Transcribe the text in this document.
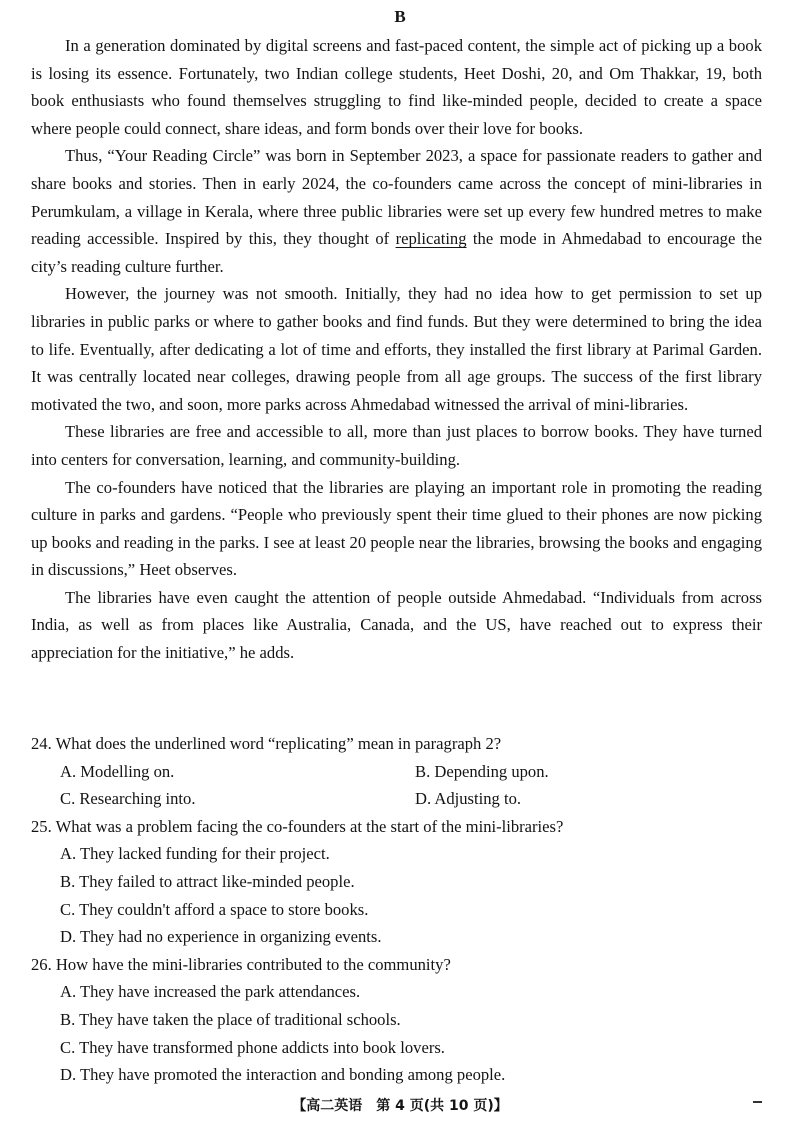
B

In a generation dominated by digital screens and fast-paced content, the simple act of picking up a book is losing its essence. Fortunately, two Indian college students, Heet Doshi, 20, and Om Thakkar, 19, both book enthusiasts who found themselves struggling to find like-minded people, decided to create a space where people could connect, share ideas, and form bonds over their love for books.

Thus, “Your Reading Circle” was born in September 2023, a space for passionate readers to gather and share books and stories. Then in early 2024, the co-founders came across the concept of mini-libraries in Perumkulam, a village in Kerala, where three public libraries were set up every few hundred metres to make reading accessible. Inspired by this, they thought of replicating the mode in Ahmedabad to encourage the city’s reading culture further.

However, the journey was not smooth. Initially, they had no idea how to get permission to set up libraries in public parks or where to gather books and find funds. But they were determined to bring the idea to life. Eventually, after dedicating a lot of time and efforts, they installed the first library at Parimal Garden. It was centrally located near colleges, drawing people from all age groups. The success of the first library motivated the two, and soon, more parks across Ahmedabad witnessed the arrival of mini-libraries.

These libraries are free and accessible to all, more than just places to borrow books. They have turned into centers for conversation, learning, and community-building.

The co-founders have noticed that the libraries are playing an important role in promoting the reading culture in parks and gardens. “People who previously spent their time glued to their phones are now picking up books and reading in the parks. I see at least 20 people near the libraries, browsing the books and engaging in discussions,” Heet observes.

The libraries have even caught the attention of people outside Ahmedabad. “Individuals from across India, as well as from places like Australia, Canada, and the US, have reached out to express their appreciation for the initiative,” he adds.

24. What does the underlined word “replicating” mean in paragraph 2?

A. Modelling on.	B. Depending upon.

C. Researching into.	D. Adjusting to.

25. What was a problem facing the co-founders at the start of the mini-libraries?

A. They lacked funding for their project.

B. They failed to attract like-minded people.

C. They couldn't afford a space to store books.

D. They had no experience in organizing events.

26. How have the mini-libraries contributed to the community?

A. They have increased the park attendances.

B. They have taken the place of traditional schools.

C. They have transformed phone addicts into book lovers.

D. They have promoted the interaction and bonding among people.

【高二英语　第 4 页(共 10 页)】
